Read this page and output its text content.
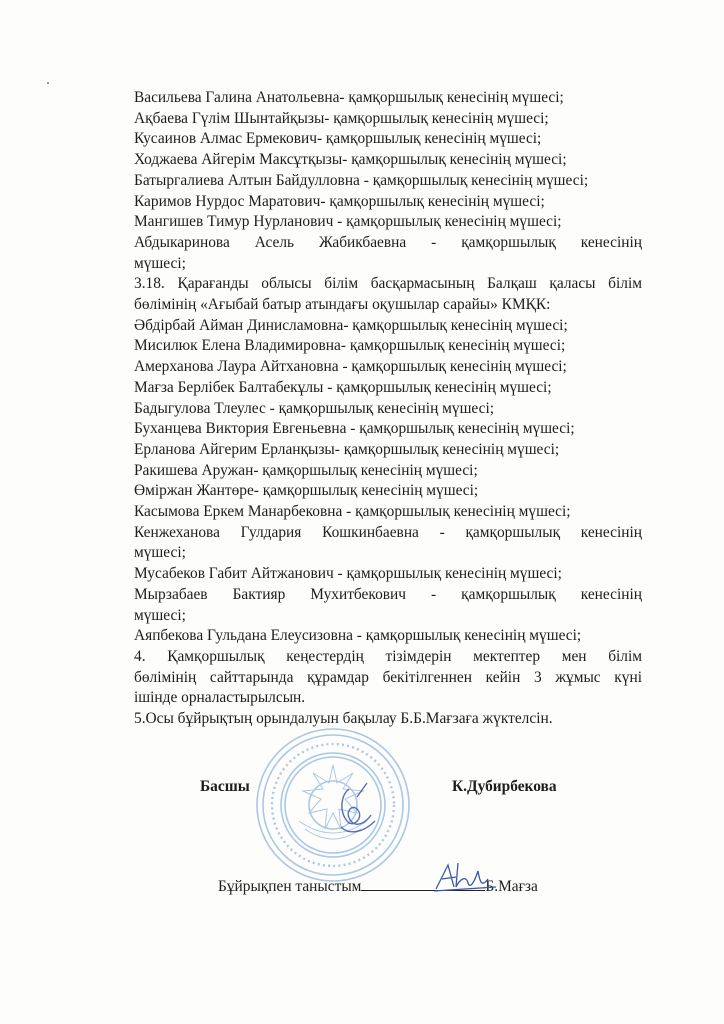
Васильева Галина Анатольевна- қамқоршылық кенесінің мүшесі;
Ақбаева Гүлім Шынтайқызы- қамқоршылық кенесінің мүшесі;
Кусаинов Алмас Ермекович- қамқоршылық кенесінің мүшесі;
Ходжаева Айгерім Максұтқызы- қамқоршылық кенесінің мүшесі;
Батыргалиева Алтын Байдулловна - қамқоршылық кенесінің мүшесі;
Каримов Нурдос Маратович- қамқоршылық кенесінің мүшесі;
Мангишев Тимур Нурланович - қамқоршылық кенесінің мүшесі;
Абдыкаринова Асель Жабикбаевна - қамқоршылық кенесінің
мүшесі;
3.18. Қарағанды облысы білім басқармасының Балқаш қаласы білім
бөлімінің «Ағыбай батыр атындағы оқушылар сарайы» КМҚК:
Әбдірбай Айман Динисламовна- қамқоршылық кенесінің мүшесі;
Мисилюк Елена Владимировна- қамқоршылық кенесінің мүшесі;
Амерханова Лаура Айтхановна - қамқоршылық кенесінің мүшесі;
Мағза Берлібек Балтабекұлы - қамқоршылық кенесінің мүшесі;
Бадыгулова Тлеулес - қамқоршылық кенесінің мүшесі;
Буханцева Виктория Евгеньевна - қамқоршылық кенесінің мүшесі;
Ерланова Айгерим Ерланқызы- қамқоршылық кенесінің мүшесі;
Ракишева Аружан- қамқоршылық кенесінің мүшесі;
Өміржан Жантөре- қамқоршылық кенесінің мүшесі;
Касымова Еркем Манарбековна - қамқоршылық кенесінің мүшесі;
Кенжеханова Гулдария Кошкинбаевна - қамқоршылық кенесінің
мүшесі;
Мусабеков Габит Айтжанович - қамқоршылық кенесінің мүшесі;
Мырзабаев Бактияр Мухитбекович - қамқоршылық кенесінің
мүшесі;
Аяпбекова Гульдана Елеусизовна - қамқоршылық кенесінің мүшесі;
4. Қамқоршылық кеңестердің тізімдерін мектептер мен білім
бөлімінің сайттарында құрамдар бекітілгеннен кейін 3 жұмыс күні
ішінде орналастырылсын.
5.Осы бұйрықтың орындалуын бақылау Б.Б.Мағзаға жүктелсін.
Басшы	К.Дубирбекова
Бұйрықпен таныстым	Б.Мағза
